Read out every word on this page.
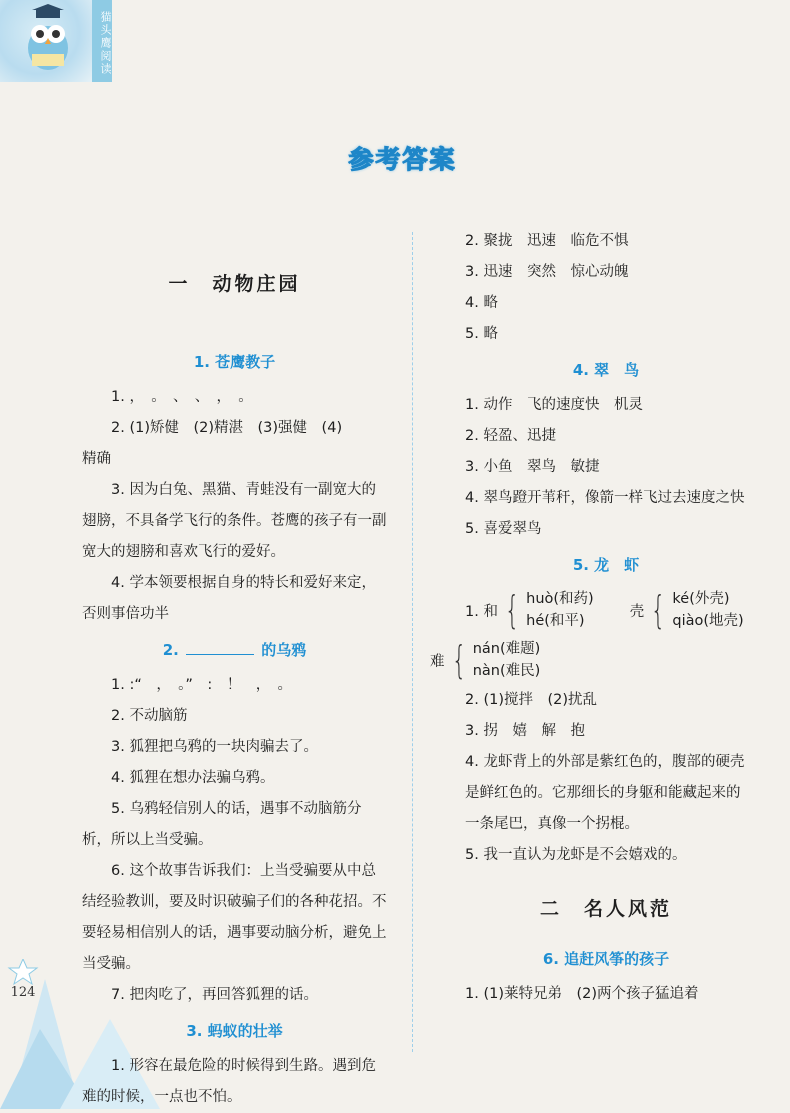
猫头鹰阅读
124
参考答案

一　动物庄园

1. 苍鹰教子

1. ，　。　、　、　，　。

2. (1)矫健　(2)精湛　(3)强健　(4)

精确

3. 因为白兔、黑猫、青蛙没有一副宽大的翅膀，不具备学飞行的条件。苍鹰的孩子有一副宽大的翅膀和喜欢飞行的爱好。

4. 学本领要根据自身的特长和爱好来定，否则事倍功半

2.	的乌鸦

1. :“　，　。”　:　！　，　。

2. 不动脑筋

3. 狐狸把乌鸦的一块肉骗去了。

4. 狐狸在想办法骗乌鸦。

5. 乌鸦轻信别人的话，遇事不动脑筋分析，所以上当受骗。

6. 这个故事告诉我们：上当受骗要从中总结经验教训，要及时识破骗子们的各种花招。不要轻易相信别人的话，遇事要动脑分析，避免上当受骗。

7. 把肉吃了，再回答狐狸的话。

3. 蚂蚁的壮举

1. 形容在最危险的时候得到生路。遇到危难的时候，一点也不怕。

2. 聚拢　迅速　临危不惧

3. 迅速　突然　惊心动魄

4. 略

5. 略

4. 翠　鸟

1. 动作　飞的速度快　机灵

2. 轻盈、迅捷

3. 小鱼　翠鸟　敏捷

4. 翠鸟蹬开苇秆，像箭一样飞过去速度之快

5. 喜爱翠鸟

5. 龙　虾

1. 和 { huò(和药)
hé(和平)
壳 { ké(外壳)
qiào(地壳)
难 { nán(难题)
nàn(难民)

2. (1)搅拌　(2)扰乱

3. 拐　嬉　解　抱

4. 龙虾背上的外部是紫红色的，腹部的硬壳是鲜红色的。它那细长的身躯和能藏起来的一条尾巴，真像一个拐棍。

5. 我一直认为龙虾是不会嬉戏的。

二　名人风范

6. 追赶风筝的孩子

1. (1)莱特兄弟　(2)两个孩子猛追着
